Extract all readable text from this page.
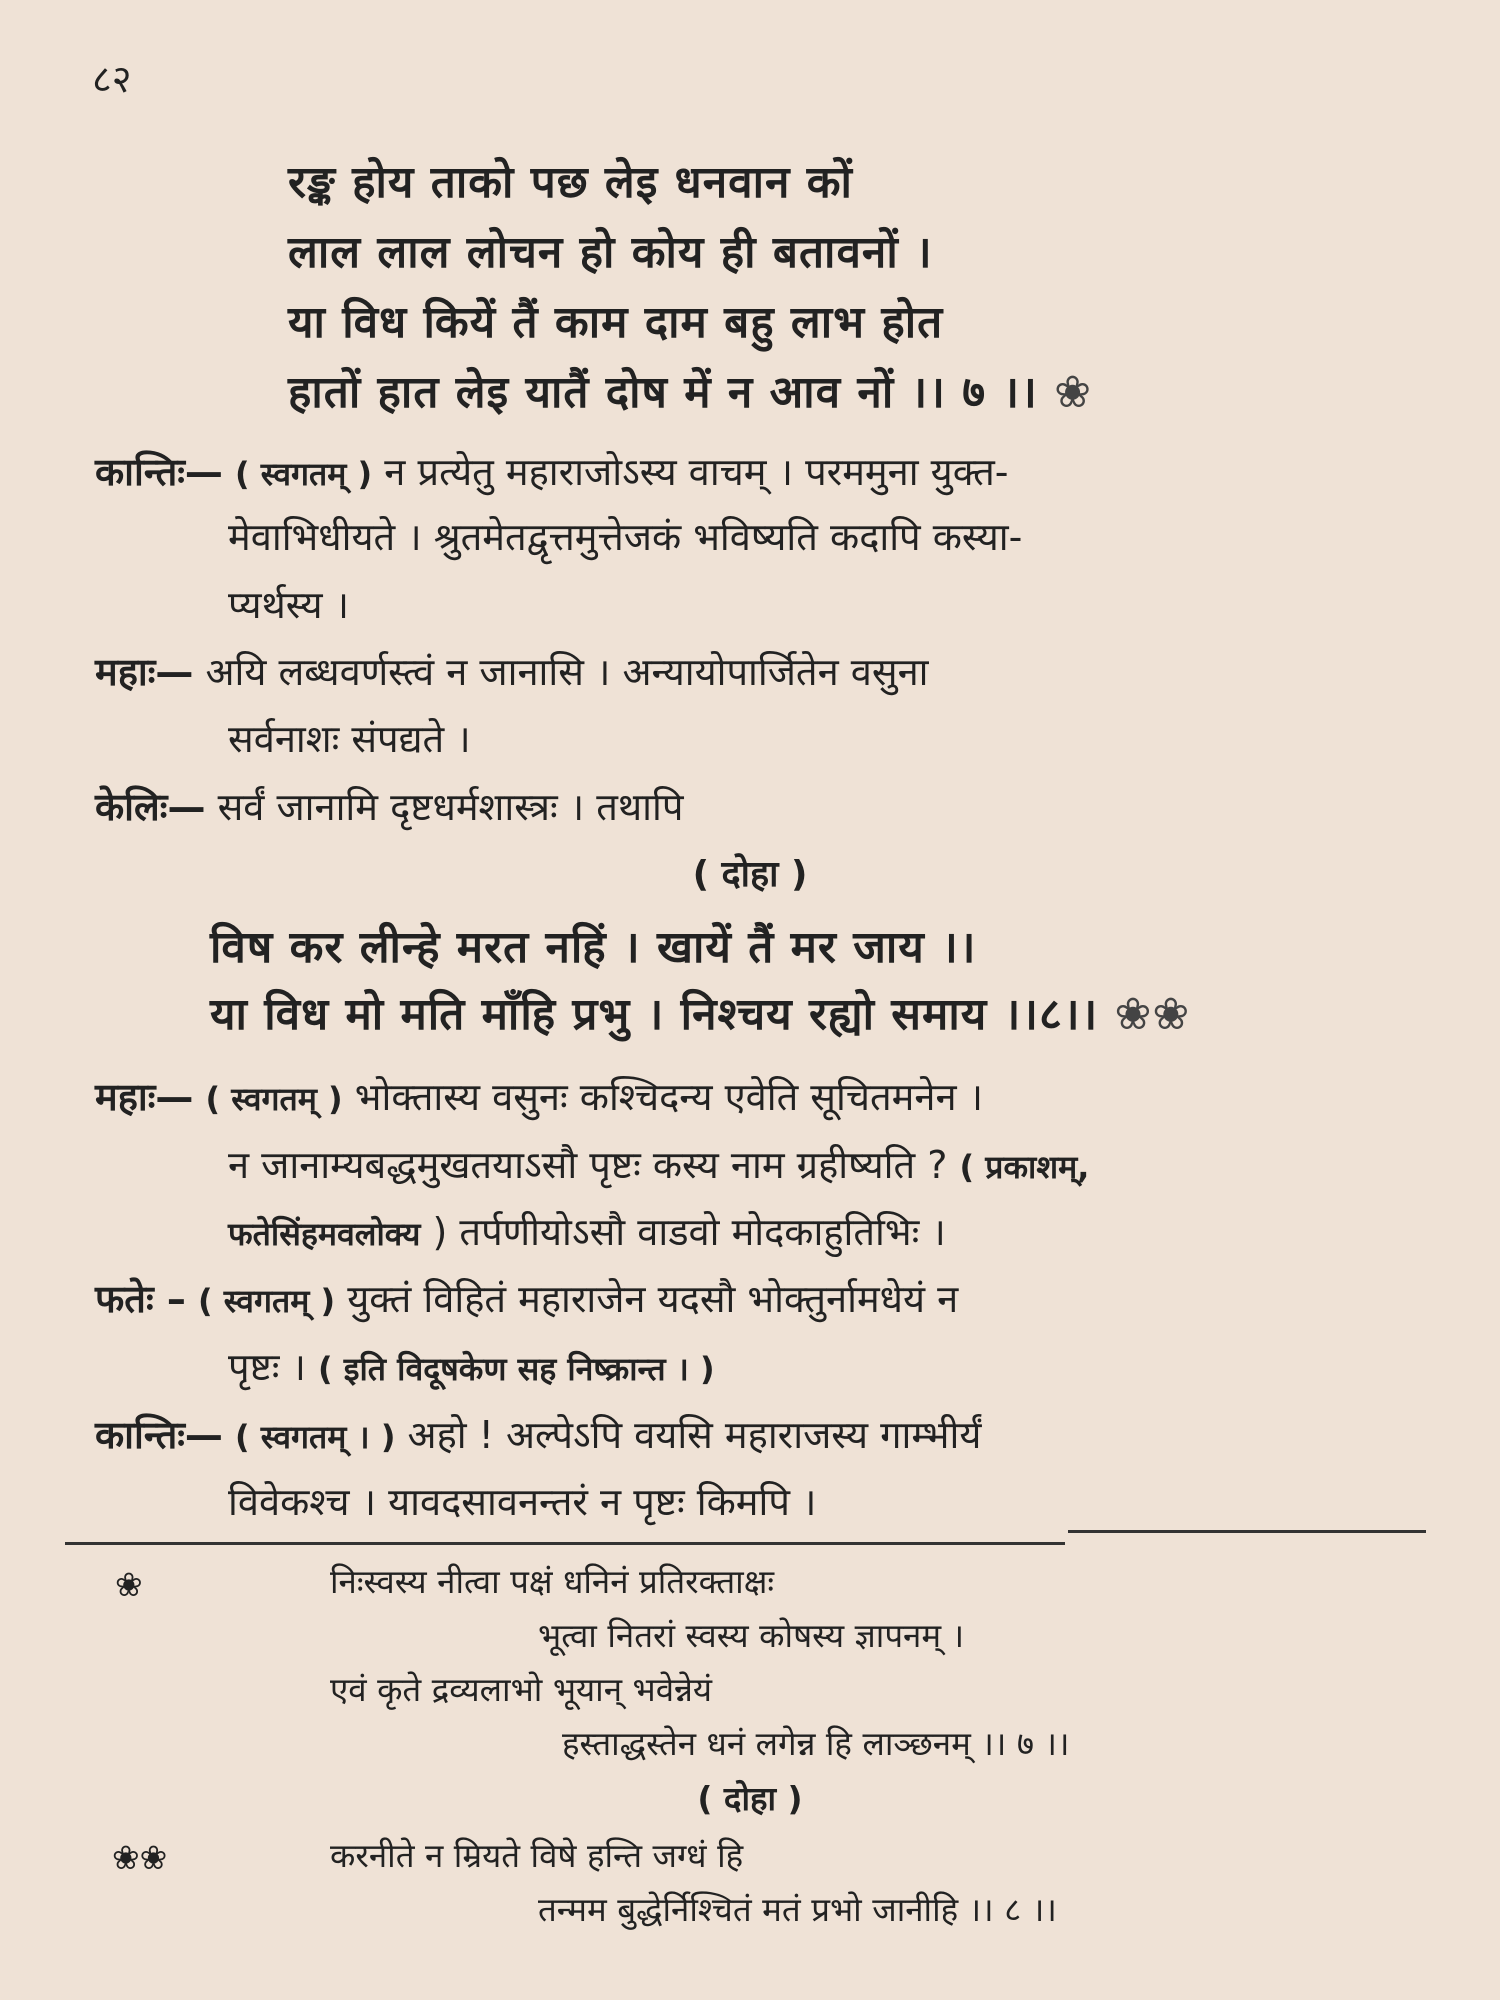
८२
रङ्क होय ताको पछ लेइ धनवान कों
लाल लाल लोचन हो कोय ही बतावनों ।
या विध कियें तैं काम दाम बहु लाभ होत
हातों हात लेइ यातैं दोष में न आव नों ।। ७ ।। ❀
कान्तिः— ( स्वगतम् ) न प्रत्येतु महाराजोऽस्य वाचम् । परममुना युक्त-
मेवाभिधीयते । श्रुतमेतद्वृत्तमुत्तेजकं भविष्यति कदापि कस्या-
प्यर्थस्य ।
महाः— अयि लब्धवर्णस्त्वं न जानासि । अन्यायोपार्जितेन वसुना
सर्वनाशः संपद्यते ।
केलिः— सर्वं जानामि दृष्टधर्मशास्त्रः । तथापि
( दोहा )
विष कर लीन्हे मरत नहिं । खायें तैं मर जाय ।।
या विध मो मति माँहि प्रभु । निश्चय रह्यो समाय ।।८।। ❀❀
महाः— ( स्वगतम् ) भोक्तास्य वसुनः कश्चिदन्य एवेति सूचितमनेन ।
न जानाम्यबद्धमुखतयाऽसौ पृष्टः कस्य नाम ग्रहीष्यति ? ( प्रकाशम्,
फतेसिंहमवलोक्य ) तर्पणीयोऽसौ वाडवो मोदकाहुतिभिः ।
फतेः – ( स्वगतम् ) युक्तं विहितं महाराजेन यदसौ भोक्तुर्नामधेयं न
पृष्टः । ( इति विदूषकेण सह निष्क्रान्त । )
कान्तिः— ( स्वगतम् । ) अहो ! अल्पेऽपि वयसि महाराजस्य गाम्भीर्यं
विवेकश्च । यावदसावनन्तरं न पृष्टः किमपि ।
❀	निःस्वस्य नीत्वा पक्षं धनिनं प्रतिरक्ताक्षः
भूत्वा नितरां स्वस्य कोषस्य ज्ञापनम् ।
एवं कृते द्रव्यलाभो भूयान् भवेन्नेयं
हस्ताद्धस्तेन धनं लगेन्न हि लाञ्छनम् ।। ७ ।।
( दोहा )
❀❀	करनीते न म्रियते विषे हन्ति जग्धं हि
तन्मम बुद्धेर्निश्चितं मतं प्रभो जानीहि ।। ८ ।।
